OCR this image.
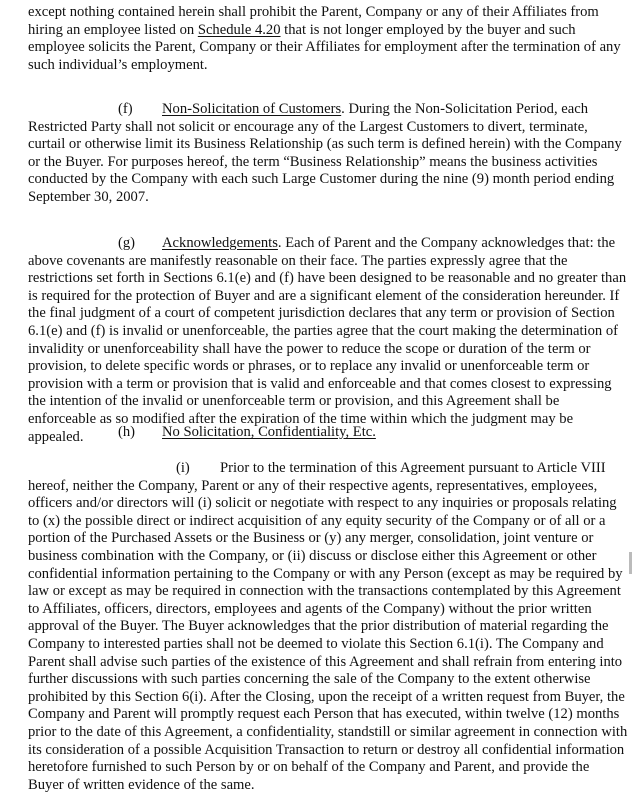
except nothing contained herein shall prohibit the Parent, Company or any of their Affiliates from hiring an employee listed on Schedule 4.20 that is not longer employed by the buyer and such employee solicits the Parent, Company or their Affiliates for employment after the termination of any such individual’s employment.

(f) Non-Solicitation of Customers. During the Non-Solicitation Period, each Restricted Party shall not solicit or encourage any of the Largest Customers to divert, terminate, curtail or otherwise limit its Business Relationship (as such term is defined herein) with the Company or the Buyer. For purposes hereof, the term “Business Relationship” means the business activities conducted by the Company with each such Large Customer during the nine (9) month period ending September 30, 2007.

(g) Acknowledgements. Each of Parent and the Company acknowledges that: the above covenants are manifestly reasonable on their face. The parties expressly agree that the restrictions set forth in Sections 6.1(e) and (f) have been designed to be reasonable and no greater than is required for the protection of Buyer and are a significant element of the consideration hereunder. If the final judgment of a court of competent jurisdiction declares that any term or provision of Section 6.1(e) and (f) is invalid or unenforceable, the parties agree that the court making the determination of invalidity or unenforceability shall have the power to reduce the scope or duration of the term or provision, to delete specific words or phrases, or to replace any invalid or unenforceable term or provision with a term or provision that is valid and enforceable and that comes closest to expressing the intention of the invalid or unenforceable term or provision, and this Agreement shall be enforceable as so modified after the expiration of the time within which the judgment may be appealed.	(h) No Solicitation, Confidentiality, Etc.

(i) Prior to the termination of this Agreement pursuant to Article VIII hereof, neither the Company, Parent or any of their respective agents, representatives, employees, officers and/or directors will (i) solicit or negotiate with respect to any inquiries or proposals relating to (x) the possible direct or indirect acquisition of any equity security of the Company or of all or a portion of the Purchased Assets or the Business or (y) any merger, consolidation, joint venture or business combination with the Company, or (ii) discuss or disclose either this Agreement or other confidential information pertaining to the Company or with any Person (except as may be required by law or except as may be required in connection with the transactions contemplated by this Agreement to Affiliates, officers, directors, employees and agents of the Company) without the prior written approval of the Buyer. The Buyer acknowledges that the prior distribution of material regarding the Company to interested parties shall not be deemed to violate this Section 6.1(i). The Company and Parent shall advise such parties of the existence of this Agreement and shall refrain from entering into further discussions with such parties concerning the sale of the Company to the extent otherwise prohibited by this Section 6(i). After the Closing, upon the receipt of a written request from Buyer, the Company and Parent will promptly request each Person that has executed, within twelve (12) months prior to the date of this Agreement, a confidentiality, standstill or similar agreement in connection with its consideration of a possible Acquisition Transaction to return or destroy all confidential information heretofore furnished to such Person by or on behalf of the Company and Parent, and provide the Buyer of written evidence of the same.
